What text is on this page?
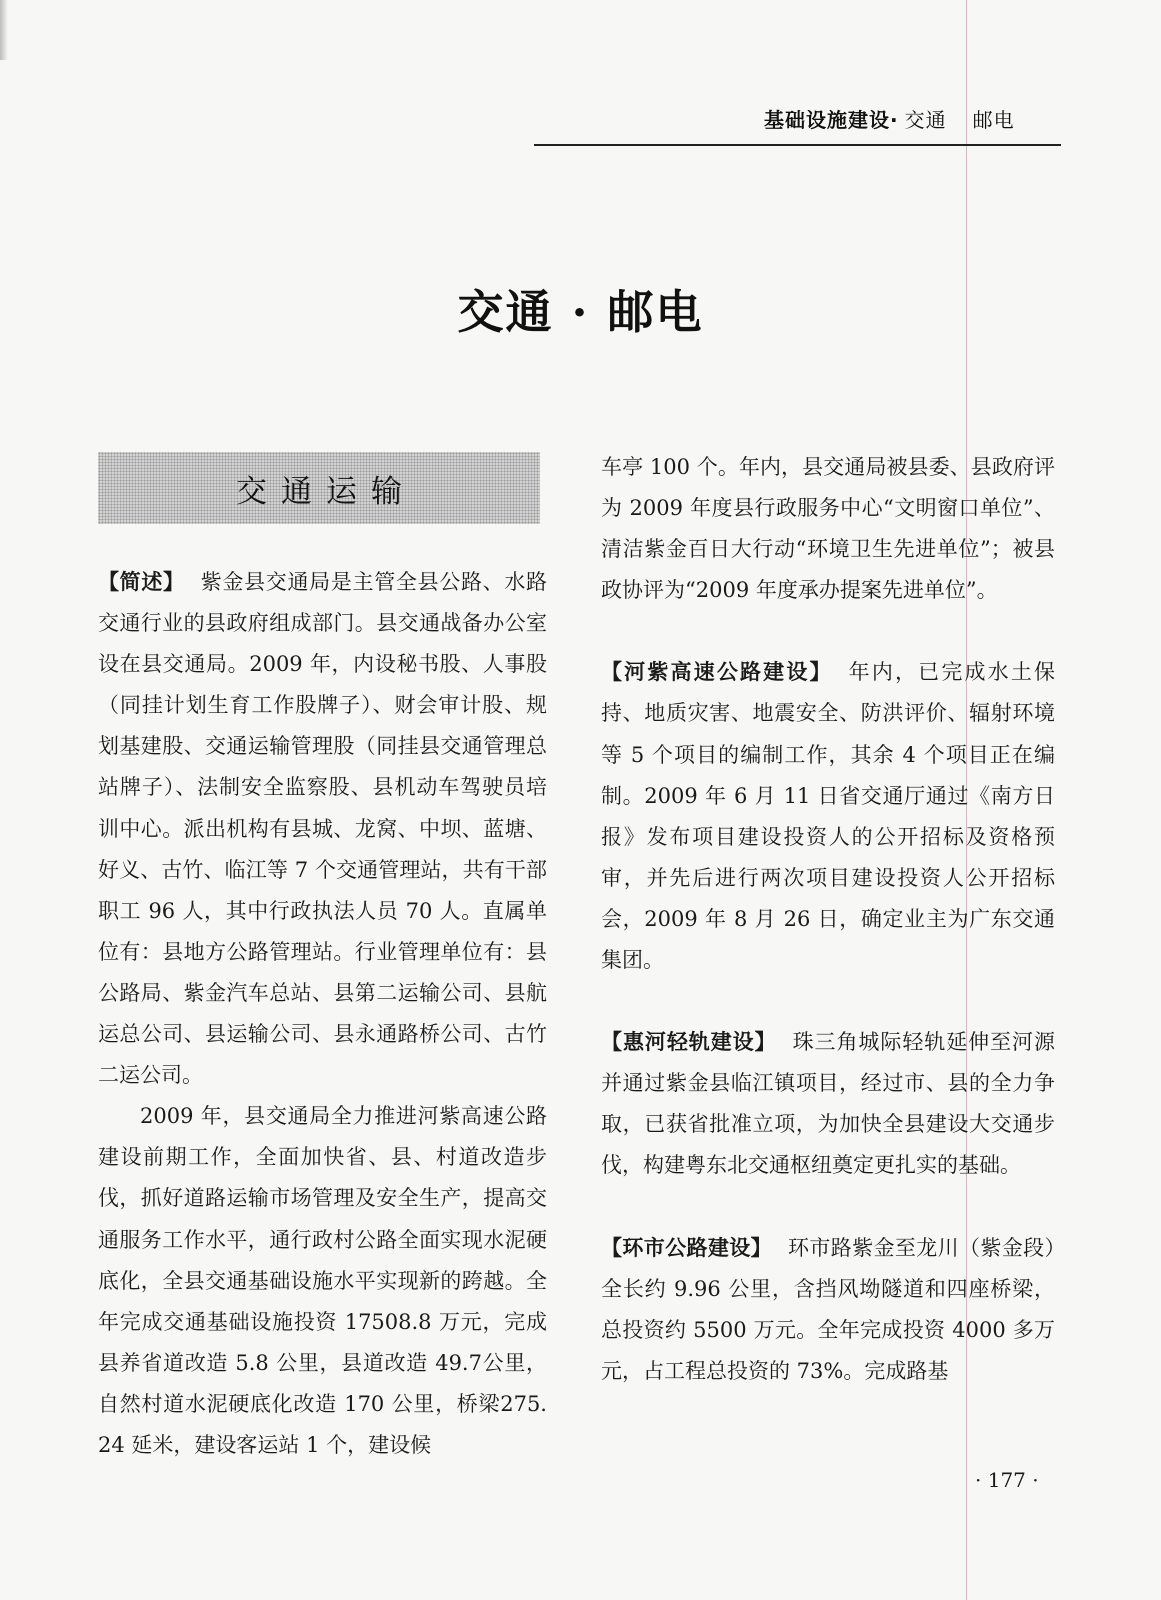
基础设施建设· 交通 邮电
交通 · 邮电
交通运输

【简述】 紫金县交通局是主管全县公路、水路交通行业的县政府组成部门。县交通战备办公室设在县交通局。2009 年，内设秘书股、人事股（同挂计划生育工作股牌子）、财会审计股、规划基建股、交通运输管理股（同挂县交通管理总站牌子）、法制安全监察股、县机动车驾驶员培训中心。派出机构有县城、龙窝、中坝、蓝塘、好义、古竹、临江等 7 个交通管理站，共有干部职工 96 人，其中行政执法人员 70 人。直属单位有：县地方公路管理站。行业管理单位有：县公路局、紫金汽车总站、县第二运输公司、县航运总公司、县运输公司、县永通路桥公司、古竹二运公司。

2009 年，县交通局全力推进河紫高速公路建设前期工作，全面加快省、县、村道改造步伐，抓好道路运输市场管理及安全生产，提高交通服务工作水平，通行政村公路全面实现水泥硬底化，全县交通基础设施水平实现新的跨越。全年完成交通基础设施投资 17508.8 万元，完成县养省道改造 5.8 公里，县道改造 49.7公里，自然村道水泥硬底化改造 170 公里，桥梁275.24 延米，建设客运站 1 个，建设候

车亭 100 个。年内，县交通局被县委、县政府评为 2009 年度县行政服务中心“文明窗口单位”、清洁紫金百日大行动“环境卫生先进单位”；被县政协评为“2009 年度承办提案先进单位”。

【河紫高速公路建设】 年内，已完成水土保持、地质灾害、地震安全、防洪评价、辐射环境等 5 个项目的编制工作，其余 4 个项目正在编制。2009 年 6 月 11 日省交通厅通过《南方日报》发布项目建设投资人的公开招标及资格预审，并先后进行两次项目建设投资人公开招标会，2009 年 8 月 26 日，确定业主为广东交通集团。

【惠河轻轨建设】 珠三角城际轻轨延伸至河源并通过紫金县临江镇项目，经过市、县的全力争取，已获省批准立项，为加快全县建设大交通步伐，构建粤东北交通枢纽奠定更扎实的基础。

【环市公路建设】 环市路紫金至龙川（紫金段）全长约 9.96 公里，含挡风坳隧道和四座桥梁，总投资约 5500 万元。全年完成投资 4000 多万元，占工程总投资的 73%。完成路基

· 177 ·
